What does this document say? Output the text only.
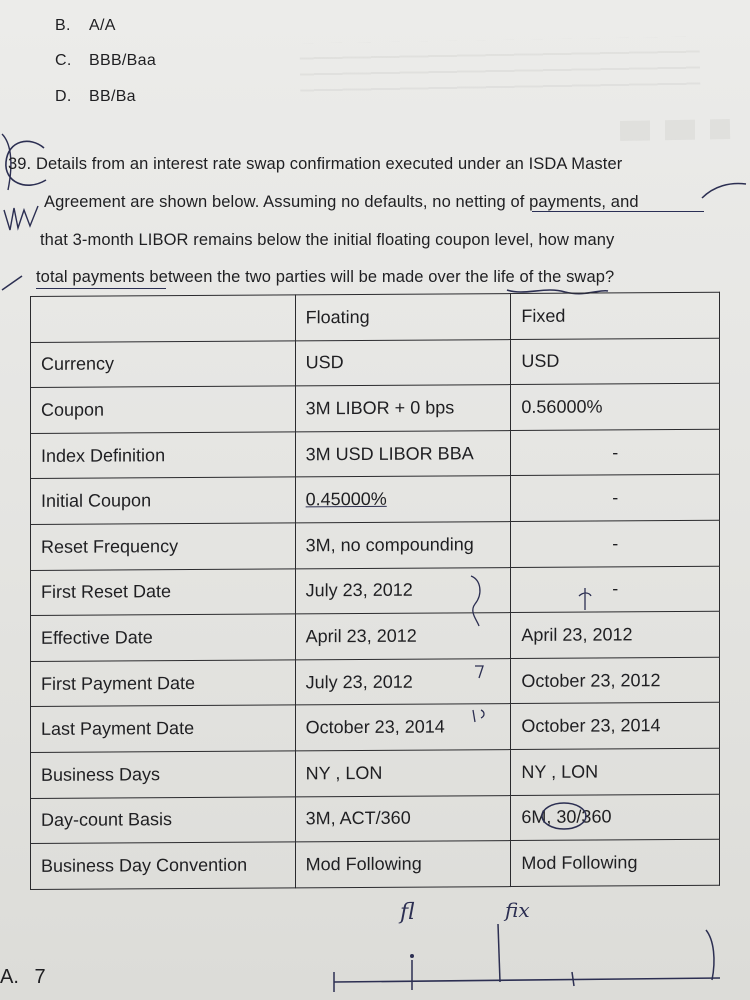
B. A/A
C. BBB/Baa
D. BB/Ba
39. Details from an interest rate swap confirmation executed under an ISDA Master
Agreement are shown below. Assuming no defaults, no netting of payments, and
that 3-month LIBOR remains below the initial floating coupon level, how many
total payments between the two parties will be made over the life of the swap?
	Floating	Fixed
Currency	USD	USD
Coupon	3M LIBOR + 0 bps	0.56000%
Index Definition	3M USD LIBOR BBA	-
Initial Coupon	0.45000%	-
Reset Frequency	3M, no compounding	-
First Reset Date	July 23, 2012	-
Effective Date	April 23, 2012	April 23, 2012
First Payment Date	July 23, 2012	October 23, 2012
Last Payment Date	October 23, 2014	October 23, 2014
Business Days	NY , LON	NY , LON
Day-count Basis	3M, ACT/360	6M, 30/360
Business Day Convention	Mod Following	Mod Following
fl	fix
A. 7
